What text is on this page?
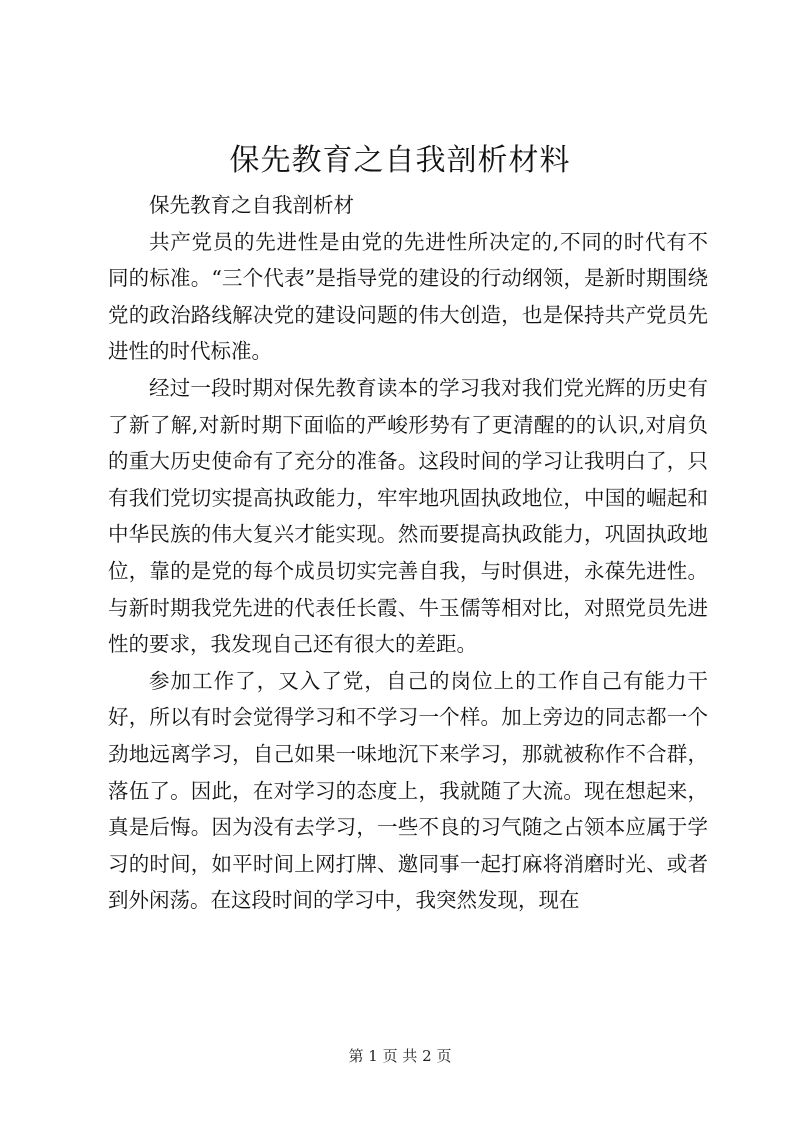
保先教育之自我剖析材料

保先教育之自我剖析材

共产党员的先进性是由党的先进性所决定的,不同的时代有不同的标准。“三个代表”是指导党的建设的行动纲领，是新时期围绕党的政治路线解决党的建设问题的伟大创造，也是保持共产党员先进性的时代标准。

经过一段时期对保先教育读本的学习我对我们党光辉的历史有了新了解,对新时期下面临的严峻形势有了更清醒的的认识,对肩负的重大历史使命有了充分的准备。这段时间的学习让我明白了，只有我们党切实提高执政能力，牢牢地巩固执政地位，中国的崛起和中华民族的伟大复兴才能实现。然而要提高执政能力，巩固执政地位，靠的是党的每个成员切实完善自我，与时俱进，永葆先进性。与新时期我党先进的代表任长霞、牛玉儒等相对比，对照党员先进性的要求，我发现自己还有很大的差距。

参加工作了，又入了党，自己的岗位上的工作自己有能力干好，所以有时会觉得学习和不学习一个样。加上旁边的同志都一个劲地远离学习，自己如果一味地沉下来学习，那就被称作不合群，落伍了。因此，在对学习的态度上，我就随了大流。现在想起来，真是后悔。因为没有去学习，一些不良的习气随之占领本应属于学习的时间，如平时间上网打牌、邀同事一起打麻将消磨时光、或者到外闲荡。在这段时间的学习中，我突然发现，现在

第 1 页 共 2 页
